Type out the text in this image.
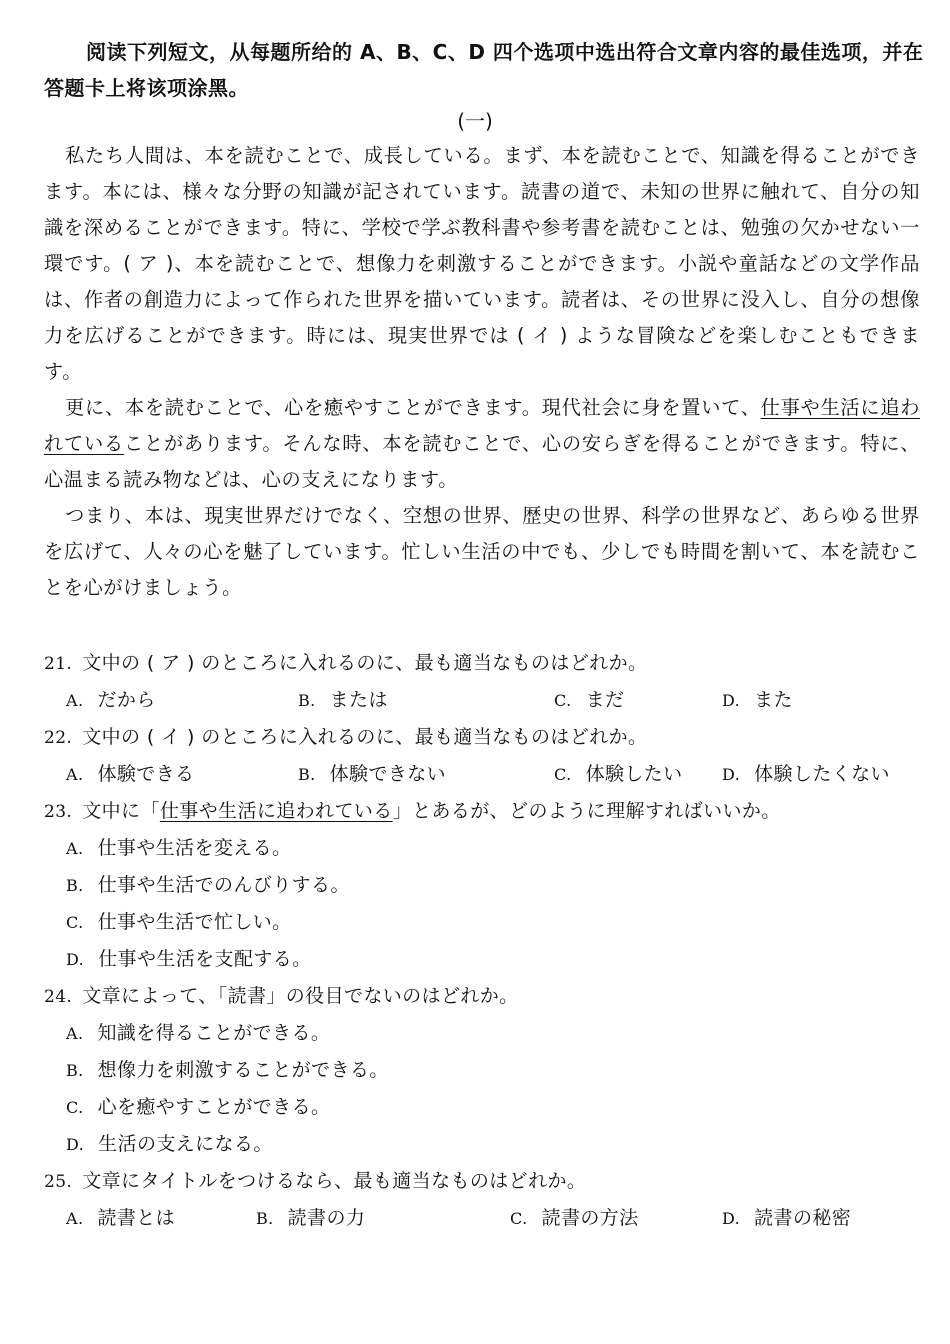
阅读下列短文，从每题所给的 A、B、C、D 四个选项中选出符合文章内容的最佳选项，并在
答题卡上将该项涂黑。
(一)

私たち人間は、本を読むことで、成長している。まず、本を読むことで、知識を得ることができます。本には、様々な分野の知識が記されています。読書の道で、未知の世界に触れて、自分の知識を深めることができます。特に、学校で学ぶ教科書や参考書を読むことは、勉強の欠かせない一環です。( ア )、本を読むことで、想像力を刺激することができます。小説や童話などの文学作品は、作者の創造力によって作られた世界を描いています。読者は、その世界に没入し、自分の想像力を広げることができます。時には、現実世界では ( イ ) ような冒険などを楽しむこともできます。

更に、本を読むことで、心を癒やすことができます。現代社会に身を置いて、仕事や生活に追われていることがあります。そんな時、本を読むことで、心の安らぎを得ることができます。特に、心温まる読み物などは、心の支えになります。

つまり、本は、現実世界だけでなく、空想の世界、歴史の世界、科学の世界など、あらゆる世界を広げて、人々の心を魅了しています。忙しい生活の中でも、少しでも時間を割いて、本を読むことを心がけましょう。

21. 文中の ( ア ) のところに入れるのに、最も適当なものはどれか。
A. だから	B. または	C. まだ	D. また
22. 文中の ( イ ) のところに入れるのに、最も適当なものはどれか。
A. 体験できる	B. 体験できない	C. 体験したい	D. 体験したくない
23. 文中に「仕事や生活に追われている」とあるが、どのように理解すればいいか。
A. 仕事や生活を変える。
B. 仕事や生活でのんびりする。
C. 仕事や生活で忙しい。
D. 仕事や生活を支配する。
24. 文章によって、「読書」の役目でないのはどれか。
A. 知識を得ることができる。
B. 想像力を刺激することができる。
C. 心を癒やすことができる。
D. 生活の支えになる。
25. 文章にタイトルをつけるなら、最も適当なものはどれか。
A. 読書とは	B. 読書の力	C. 読書の方法	D. 読書の秘密
